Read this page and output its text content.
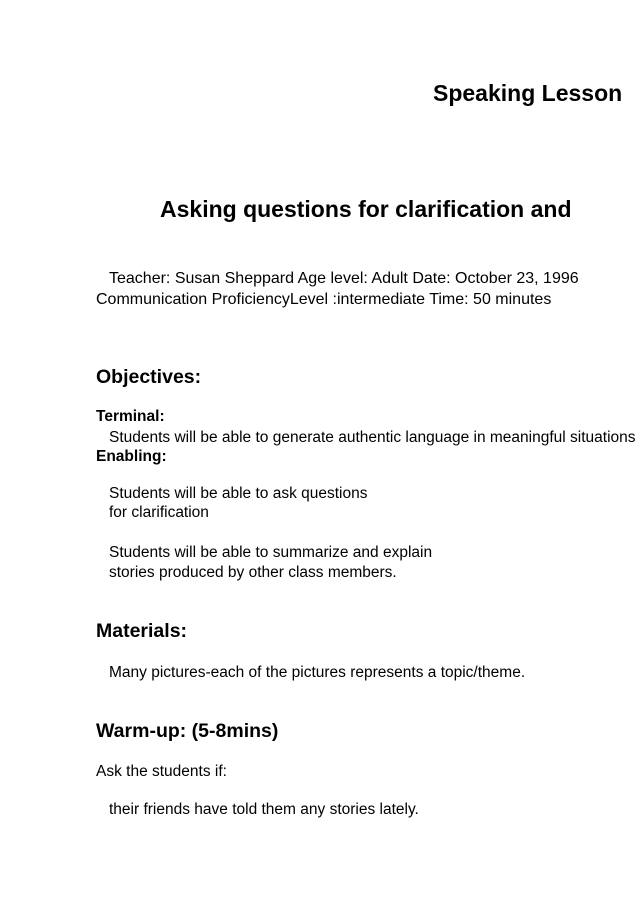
Speaking Lesson
Asking questions for clarification and
Teacher: Susan Sheppard Age level: Adult Date: October 23, 1996
Communication ProficiencyLevel :intermediate Time: 50 minutes
Objectives:
Terminal:
Students will be able to generate authentic language in meaningful situations
Enabling:
Students will be able to ask questions
for clarification
Students will be able to summarize and explain
stories produced by other class members.
Materials:
Many pictures-each of the pictures represents a topic/theme.
Warm-up: (5-8mins)
Ask the students if:
their friends have told them any stories lately.
